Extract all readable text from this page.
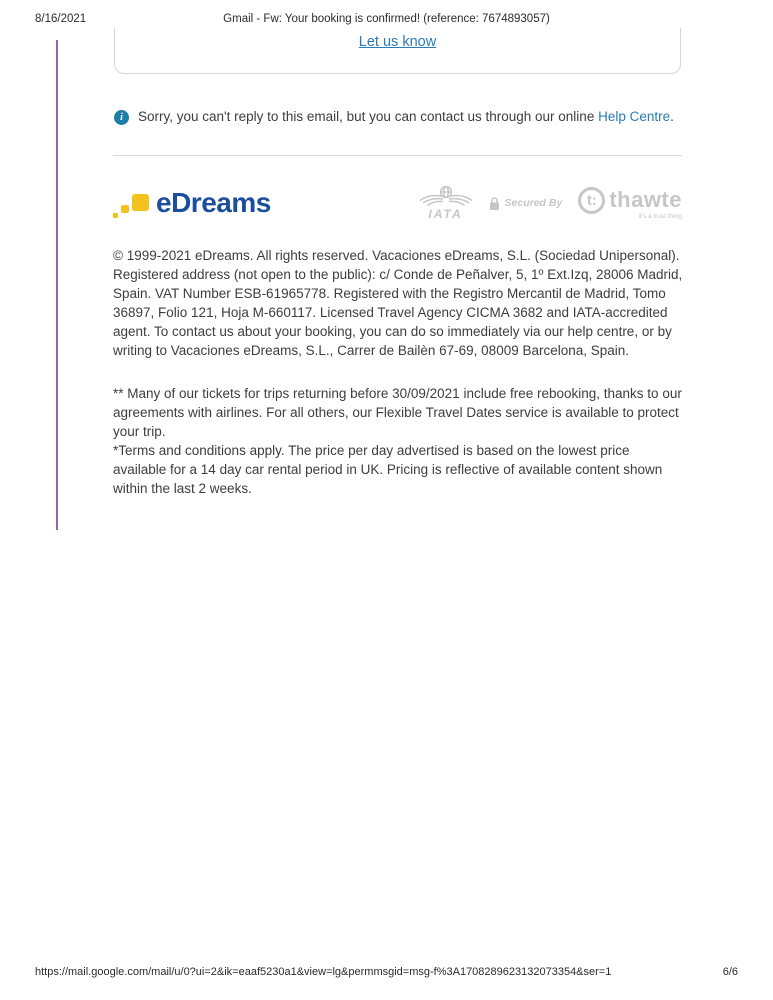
8/16/2021	Gmail - Fw: Your booking is confirmed! (reference: 7674893057)
Let us know
i Sorry, you can't reply to this email, but you can contact us through our online Help Centre.
eDreams	IATA
Secured By t: thawte
it's a trust thing
© 1999-2021 eDreams. All rights reserved. Vacaciones eDreams, S.L. (Sociedad Unipersonal). Registered address (not open to the public): c/ Conde de Peñalver, 5, 1º Ext.Izq, 28006 Madrid, Spain. VAT Number ESB-61965778. Registered with the Registro Mercantil de Madrid, Tomo 36897, Folio 121, Hoja M-660117. Licensed Travel Agency CICMA 3682 and IATA-accredited agent. To contact us about your booking, you can do so immediately via our help centre, or by writing to Vacaciones eDreams, S.L., Carrer de Bailèn 67-69, 08009 Barcelona, Spain.
** Many of our tickets for trips returning before 30/09/2021 include free rebooking, thanks to our agreements with airlines. For all others, our Flexible Travel Dates service is available to protect your trip.
*Terms and conditions apply. The price per day advertised is based on the lowest price available for a 14 day car rental period in UK. Pricing is reflective of available content shown within the last 2 weeks.
https://mail.google.com/mail/u/0?ui=2&ik=eaaf5230a1&view=lg&permmsgid=msg-f%3A1708289623132073354&ser=1	6/6
